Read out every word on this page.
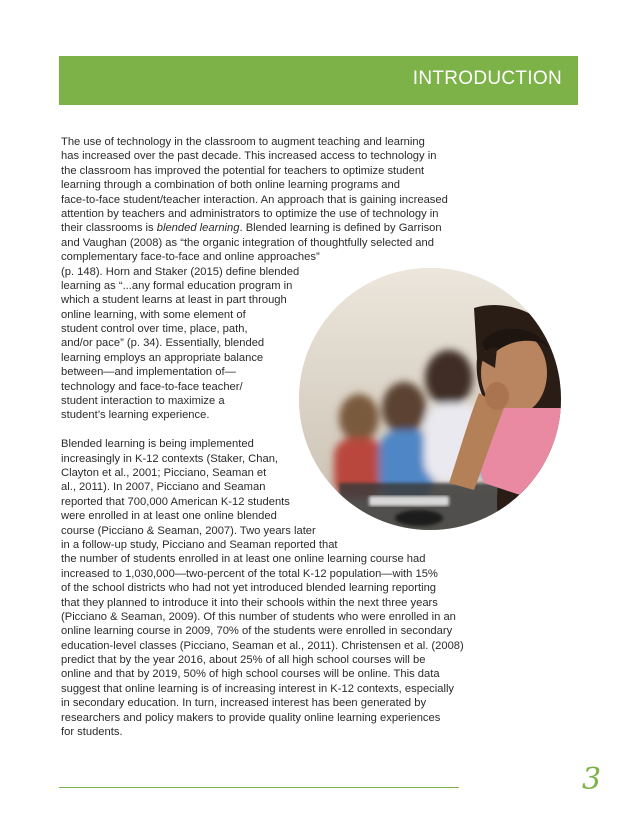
INTRODUCTION
The use of technology in the classroom to augment teaching and learning
has increased over the past decade. This increased access to technology in
the classroom has improved the potential for teachers to optimize student
learning through a combination of both online learning programs and
face-to-face student/teacher interaction. An approach that is gaining increased
attention by teachers and administrators to optimize the use of technology in
their classrooms is blended learning. Blended learning is defined by Garrison
and Vaughan (2008) as “the organic integration of thoughtfully selected and
complementary face-to-face and online approaches”
(p. 148). Horn and Staker (2015) define blended
learning as “...any formal education program in
which a student learns at least in part through
online learning, with some element of
student control over time, place, path,
and/or pace” (p. 34). Essentially, blended
learning employs an appropriate balance
between—and implementation of—
technology and face-to-face teacher/
student interaction to maximize a
student’s learning experience.
Blended learning is being implemented
increasingly in K-12 contexts (Staker, Chan,
Clayton et al., 2001; Picciano, Seaman et
al., 2011). In 2007, Picciano and Seaman
reported that 700,000 American K-12 students
were enrolled in at least one online blended
course (Picciano & Seaman, 2007). Two years later
in a follow-up study, Picciano and Seaman reported that
the number of students enrolled in at least one online learning course had
increased to 1,030,000—two-percent of the total K-12 population—with 15%
of the school districts who had not yet introduced blended learning reporting
that they planned to introduce it into their schools within the next three years
(Picciano & Seaman, 2009). Of this number of students who were enrolled in an
online learning course in 2009, 70% of the students were enrolled in secondary
education-level classes (Picciano, Seaman et al., 2011). Christensen et al. (2008)
predict that by the year 2016, about 25% of all high school courses will be
online and that by 2019, 50% of high school courses will be online. This data
suggest that online learning is of increasing interest in K-12 contexts, especially
in secondary education. In turn, increased interest has been generated by
researchers and policy makers to provide quality online learning experiences
for students.
3
